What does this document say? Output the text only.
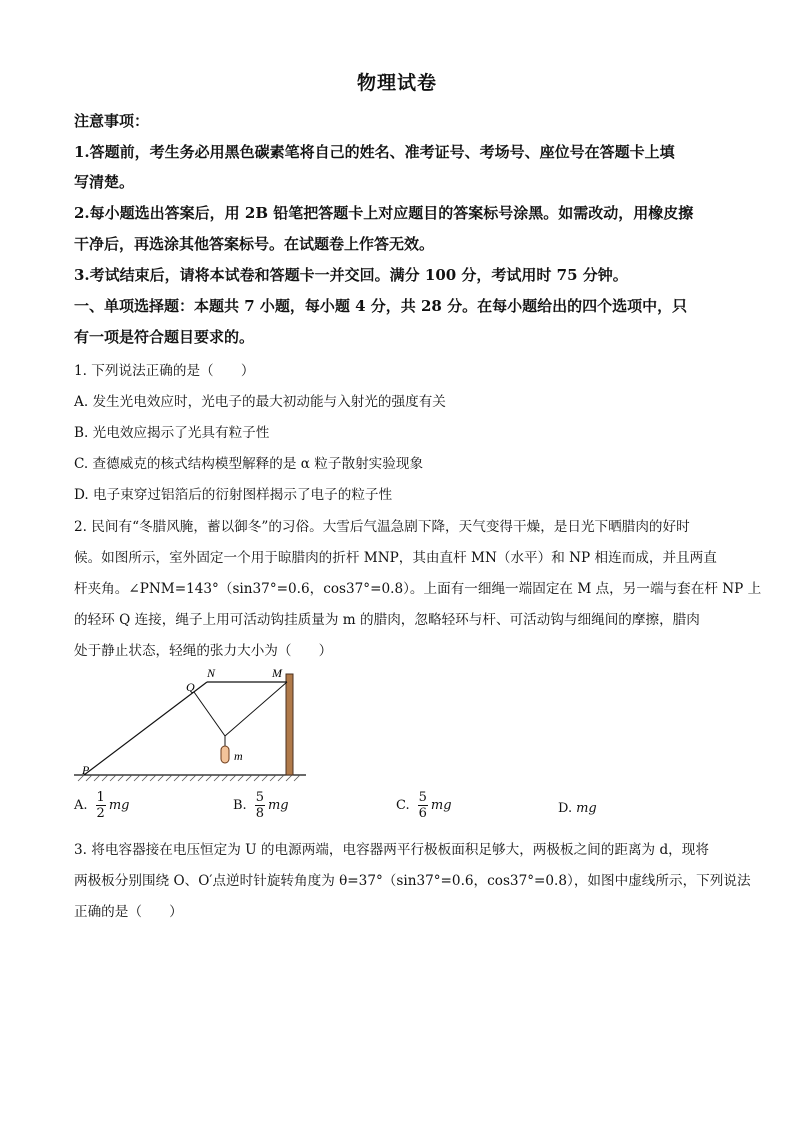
物理试卷
注意事项：
1.答题前，考生务必用黑色碳素笔将自己的姓名、准考证号、考场号、座位号在答题卡上填
写清楚。
2.每小题选出答案后，用 2B 铅笔把答题卡上对应题目的答案标号涂黑。如需改动，用橡皮擦
干净后，再选涂其他答案标号。在试题卷上作答无效。
3.考试结束后，请将本试卷和答题卡一并交回。满分 100 分，考试用时 75 分钟。
一、单项选择题：本题共 7 小题，每小题 4 分，共 28 分。在每小题给出的四个选项中，只
有一项是符合题目要求的。
1. 下列说法正确的是（　　）
A. 发生光电效应时，光电子的最大初动能与入射光的强度有关
B. 光电效应揭示了光具有粒子性
C. 查德威克的核式结构模型解释的是 α 粒子散射实验现象
D. 电子束穿过铝箔后的衍射图样揭示了电子的粒子性
2. 民间有“冬腊风腌，蓄以御冬”的习俗。大雪后气温急剧下降，天气变得干燥，是日光下晒腊肉的好时
候。如图所示，室外固定一个用于晾腊肉的折杆 MNP，其由直杆 MN（水平）和 NP 相连而成，并且两直
杆夹角。∠PNM=143°（sin37°=0.6，cos37°=0.8）。上面有一细绳一端固定在 M 点，另一端与套在杆 NP 上
的轻环 Q 连接，绳子上用可活动钩挂质量为 m 的腊肉，忽略轻环与杆、可活动钩与细绳间的摩擦，腊肉
处于静止状态，轻绳的张力大小为（　　）
N	M
Q
P
m
A. $\frac{1}{2}$ mg	B. $\frac{5}{8}$ mg	C. $\frac{5}{6}$ mg	D. mg
3. 将电容器接在电压恒定为 U 的电源两端，电容器两平行极板面积足够大，两极板之间的距离为 d，现将
两极板分别围绕 O、O′点逆时针旋转角度为 θ=37°（sin37°=0.6，cos37°=0.8），如图中虚线所示，下列说法
正确的是（　　）
